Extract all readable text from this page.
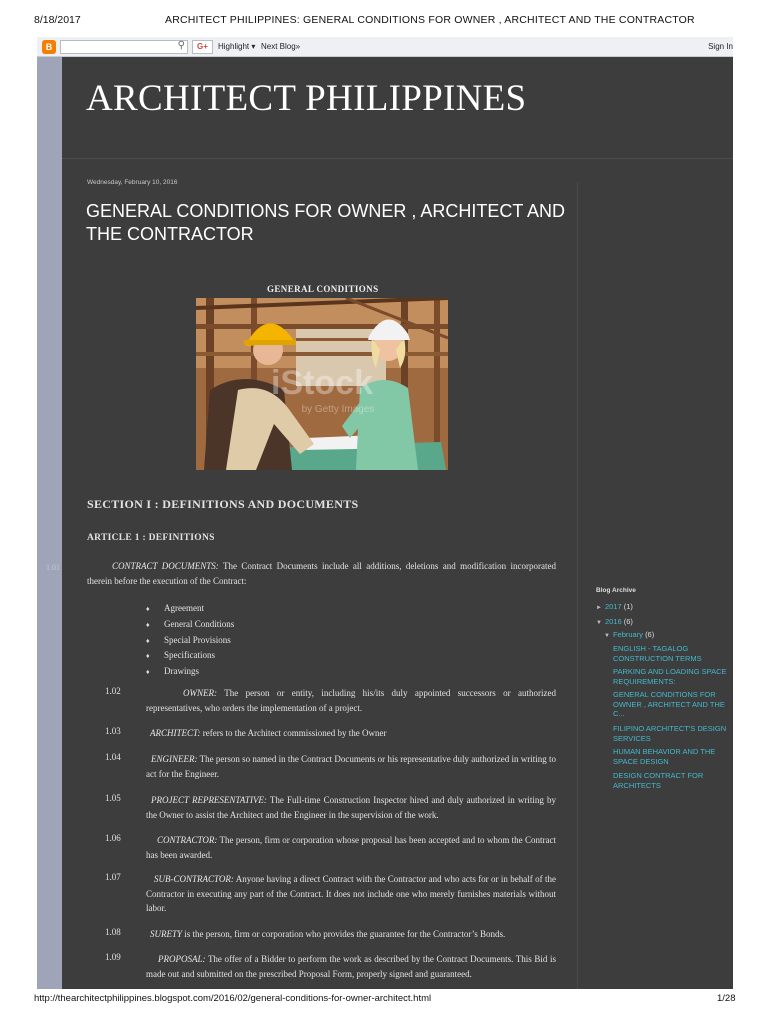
8/18/2017	ARCHITECT PHILIPPINES: GENERAL CONDITIONS FOR OWNER , ARCHITECT AND THE CONTRACTOR
B	⚲	G+	Highlight ▾ Next Blog»	Sign In
1.01
ARCHITECT PHILIPPINES
Wednesday, February 10, 2016
GENERAL CONDITIONS FOR OWNER , ARCHITECT AND THE CONTRACTOR
GENERAL CONDITIONS
iStock
by Getty Images
SECTION I : DEFINITIONS AND DOCUMENTS
ARTICLE 1 : DEFINITIONS
CONTRACT DOCUMENTS: The Contract Documents include all additions, deletions and modification incorporated therein before the execution of the Contract:
♦ Agreement
♦ General Conditions
♦ Special Provisions
♦ Specifications
♦ Drawings
1.02	OWNER: The person or entity, including his/its duly appointed successors or authorized representatives, who orders the implementation of a project.
1.03	ARCHITECT: refers to the Architect commissioned by the Owner
1.04	ENGINEER: The person so named in the Contract Documents or his representative duly authorized in writing to act for the Engineer.
1.05	PROJECT REPRESENTATIVE: The Full-time Construction Inspector hired and duly authorized in writing by the Owner to assist the Architect and the Engineer in the supervision of the work.
1.06	CONTRACTOR: The person, firm or corporation whose proposal has been accepted and to whom the Contract has been awarded.
1.07	SUB-CONTRACTOR: Anyone having a direct Contract with the Contractor and who acts for or in behalf of the Contractor in executing any part of the Contract. It does not include one who merely furnishes materials without labor.
1.08	SURETY is the person, firm or corporation who provides the guarantee for the Contractor’s Bonds.
1.09	PROPOSAL: The offer of a Bidder to perform the work as described by the Contract Documents. This Bid is made out and submitted on the prescribed Proposal Form, properly signed and guaranteed.
Blog Archive
► 2017 (1)
▼ 2016 (6)
▼ February (6)
ENGLISH - TAGALOG CONSTRUCTION TERMS
PARKING AND LOADING SPACE REQUIREMENTS:
GENERAL CONDITIONS FOR OWNER , ARCHITECT AND THE C...
FILIPINO ARCHITECT'S DESIGN SERVICES
HUMAN BEHAVIOR AND THE SPACE DESIGN
DESIGN CONTRACT FOR ARCHITECTS
http://thearchitectphilippines.blogspot.com/2016/02/general-conditions-for-owner-architect.html	1/28
